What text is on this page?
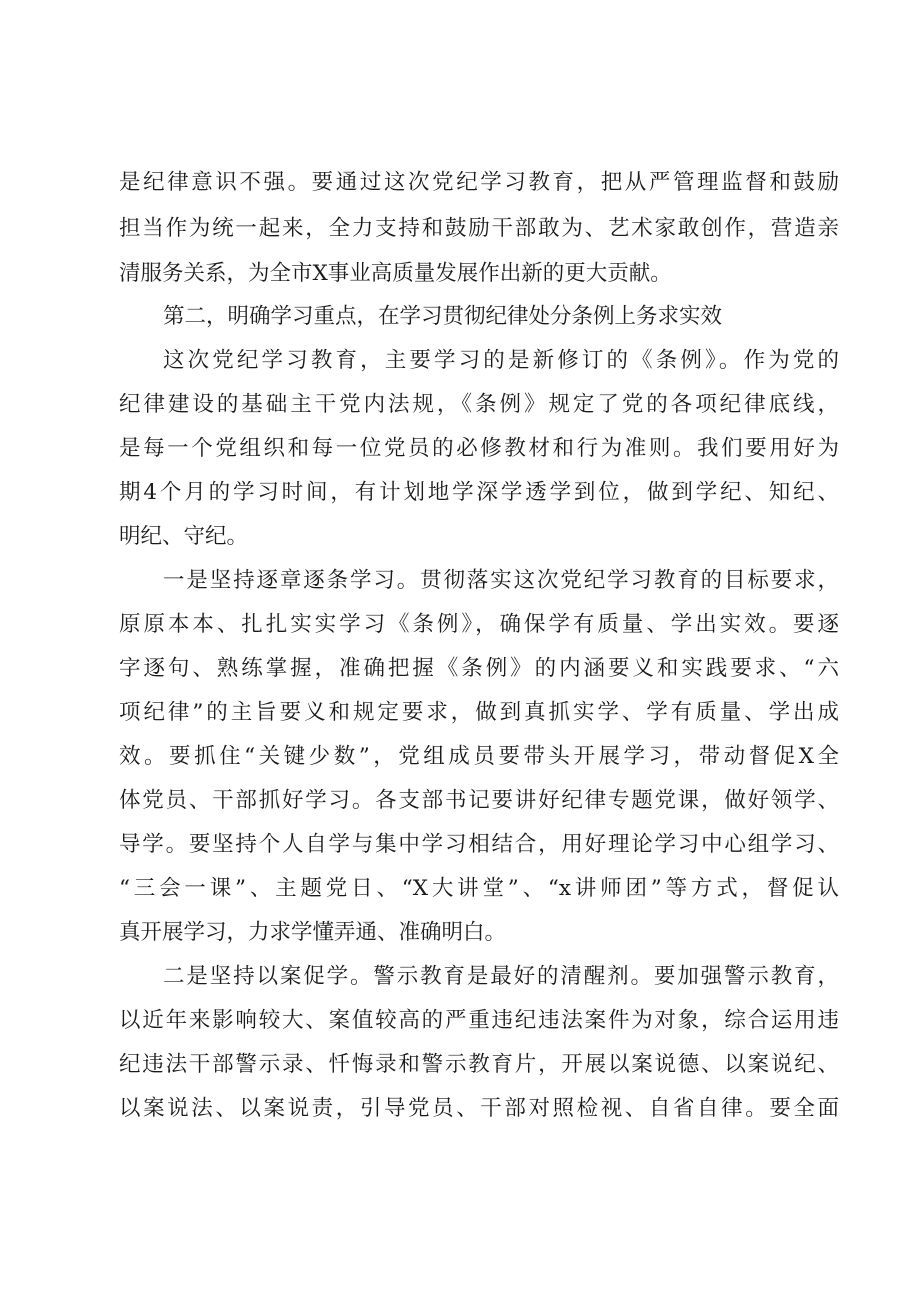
是纪律意识不强。要通过这次党纪学习教育，把从严管理监督和鼓励
担当作为统一起来，全力支持和鼓励干部敢为、艺术家敢创作，营造亲
清服务关系，为全市X事业高质量发展作出新的更大贡献。
第二，明确学习重点，在学习贯彻纪律处分条例上务求实效
这次党纪学习教育，主要学习的是新修订的《条例》。作为党的
纪律建设的基础主干党内法规，《条例》规定了党的各项纪律底线，
是每一个党组织和每一位党员的必修教材和行为准则。我们要用好为
期4个月的学习时间，有计划地学深学透学到位，做到学纪、知纪、
明纪、守纪。
一是坚持逐章逐条学习。贯彻落实这次党纪学习教育的目标要求，
原原本本、扎扎实实学习《条例》，确保学有质量、学出实效。要逐
字逐句、熟练掌握，准确把握《条例》的内涵要义和实践要求、“六
项纪律”的主旨要义和规定要求，做到真抓实学、学有质量、学出成
效。要抓住“关键少数”，党组成员要带头开展学习，带动督促X全
体党员、干部抓好学习。各支部书记要讲好纪律专题党课，做好领学、
导学。要坚持个人自学与集中学习相结合，用好理论学习中心组学习、
“三会一课”、主题党日、“X大讲堂”、“x讲师团”等方式，督促认
真开展学习，力求学懂弄通、准确明白。
二是坚持以案促学。警示教育是最好的清醒剂。要加强警示教育，
以近年来影响较大、案值较高的严重违纪违法案件为对象，综合运用违
纪违法干部警示录、忏悔录和警示教育片，开展以案说德、以案说纪、
以案说法、以案说责，引导党员、干部对照检视、自省自律。要全面
